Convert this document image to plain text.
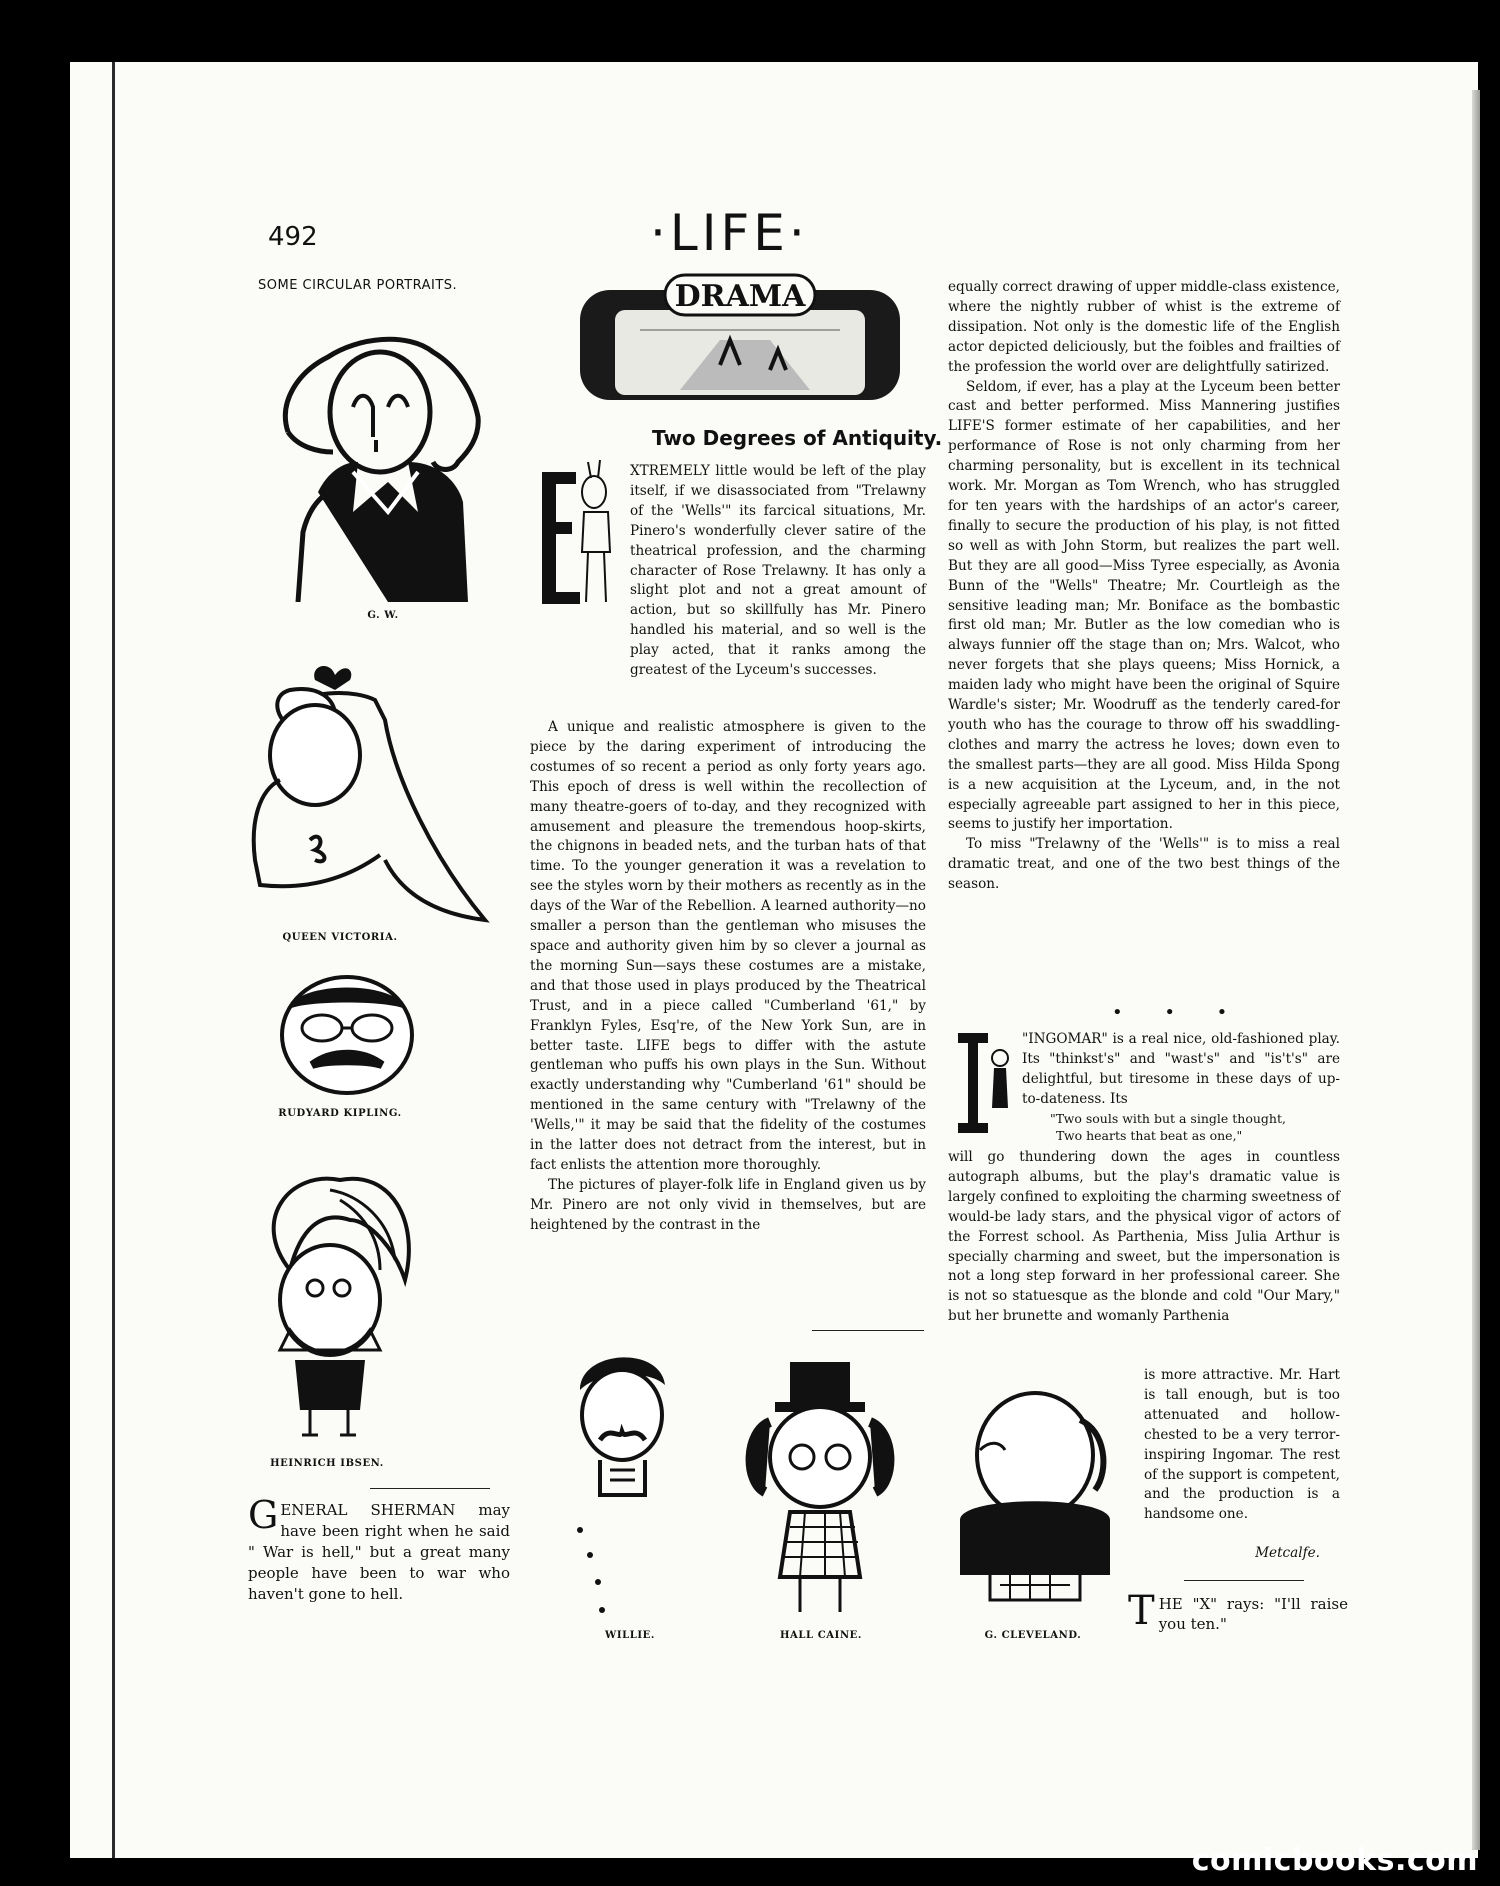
492	·LIFE·
SOME CIRCULAR PORTRAITS.
G. W.
QUEEN VICTORIA.
RUDYARD KIPLING.
HEINRICH IBSEN.
GENERAL SHERMAN may have been right when he said " War is hell," but a great many people have been to war who haven't gone to hell.
DRAMA
Two Degrees of Antiquity.

XTREMELY little would be left of the play itself, if we disassociated from "Trelawny of the 'Wells'" its farcical situations, Mr. Pinero's wonderfully clever satire of the theatrical profession, and the charming character of Rose Trelawny. It has only a slight plot and not a great amount of action, but so skillfully has Mr. Pinero handled his material, and so well is the play acted, that it ranks among the greatest of the Lyceum's successes.

A unique and realistic atmosphere is given to the piece by the daring experiment of introducing the costumes of so recent a period as only forty years ago. This epoch of dress is well within the recollection of many theatre-goers of to-day, and they recognized with amusement and pleasure the tremendous hoop-skirts, the chignons in beaded nets, and the turban hats of that time. To the younger generation it was a revelation to see the styles worn by their mothers as recently as in the days of the War of the Rebellion. A learned authority—no smaller a person than the gentleman who misuses the space and authority given him by so clever a journal as the morning Sun—says these costumes are a mistake, and that those used in plays produced by the Theatrical Trust, and in a piece called "Cumberland '61," by Franklyn Fyles, Esq're, of the New York Sun, are in better taste. LIFE begs to differ with the astute gentleman who puffs his own plays in the Sun. Without exactly understanding why "Cumberland '61" should be mentioned in the same century with "Trelawny of the 'Wells,'" it may be said that the fidelity of the costumes in the latter does not detract from the interest, but in fact enlists the attention more thoroughly.

The pictures of player-folk life in England given us by Mr. Pinero are not only vivid in themselves, but are heightened by the contrast in the

equally correct drawing of upper middle-class existence, where the nightly rubber of whist is the extreme of dissipation. Not only is the domestic life of the English actor depicted deliciously, but the foibles and frailties of the profession the world over are delightfully satirized.

Seldom, if ever, has a play at the Lyceum been better cast and better performed. Miss Mannering justifies LIFE'S former estimate of her capabilities, and her performance of Rose is not only charming from her charming personality, but is excellent in its technical work. Mr. Morgan as Tom Wrench, who has struggled for ten years with the hardships of an actor's career, finally to secure the production of his play, is not fitted so well as with John Storm, but realizes the part well. But they are all good—Miss Tyree especially, as Avonia Bunn of the "Wells" Theatre; Mr. Courtleigh as the sensitive leading man; Mr. Boniface as the bombastic first old man; Mr. Butler as the low comedian who is always funnier off the stage than on; Mrs. Walcot, who never forgets that she plays queens; Miss Hornick, a maiden lady who might have been the original of Squire Wardle's sister; Mr. Woodruff as the tenderly cared-for youth who has the courage to throw off his swaddling-clothes and marry the actress he loves; down even to the smallest parts—they are all good. Miss Hilda Spong is a new acquisition at the Lyceum, and, in the not especially agreeable part assigned to her in this piece, seems to justify her importation.

To miss "Trelawny of the 'Wells'" is to miss a real dramatic treat, and one of the two best things of the season.

• • •

"INGOMAR" is a real nice, old-fashioned play. Its "thinkst's" and "wast's" and "is't's" are delightful, but tiresome in these days of up-to-dateness. Its

"Two souls with but a single thought,

Two hearts that beat as one,"

will go thundering down the ages in countless autograph albums, but the play's dramatic value is largely confined to exploiting the charming sweetness of would-be lady stars, and the physical vigor of actors of the Forrest school. As Parthenia, Miss Julia Arthur is specially charming and sweet, but the impersonation is not a long step forward in her professional career. She is not so statuesque as the blonde and cold "Our Mary," but her brunette and womanly Parthenia

is more attractive. Mr. Hart is tall enough, but is too attenuated and hollow-chested to be a very terror-inspiring Ingomar. The rest of the support is competent, and the production is a handsome one.

Metcalfe.
WILLIE.	HALL CAINE.	G. CLEVELAND.
THE "X" rays: "I'll raise you ten."
comicbooks.com
